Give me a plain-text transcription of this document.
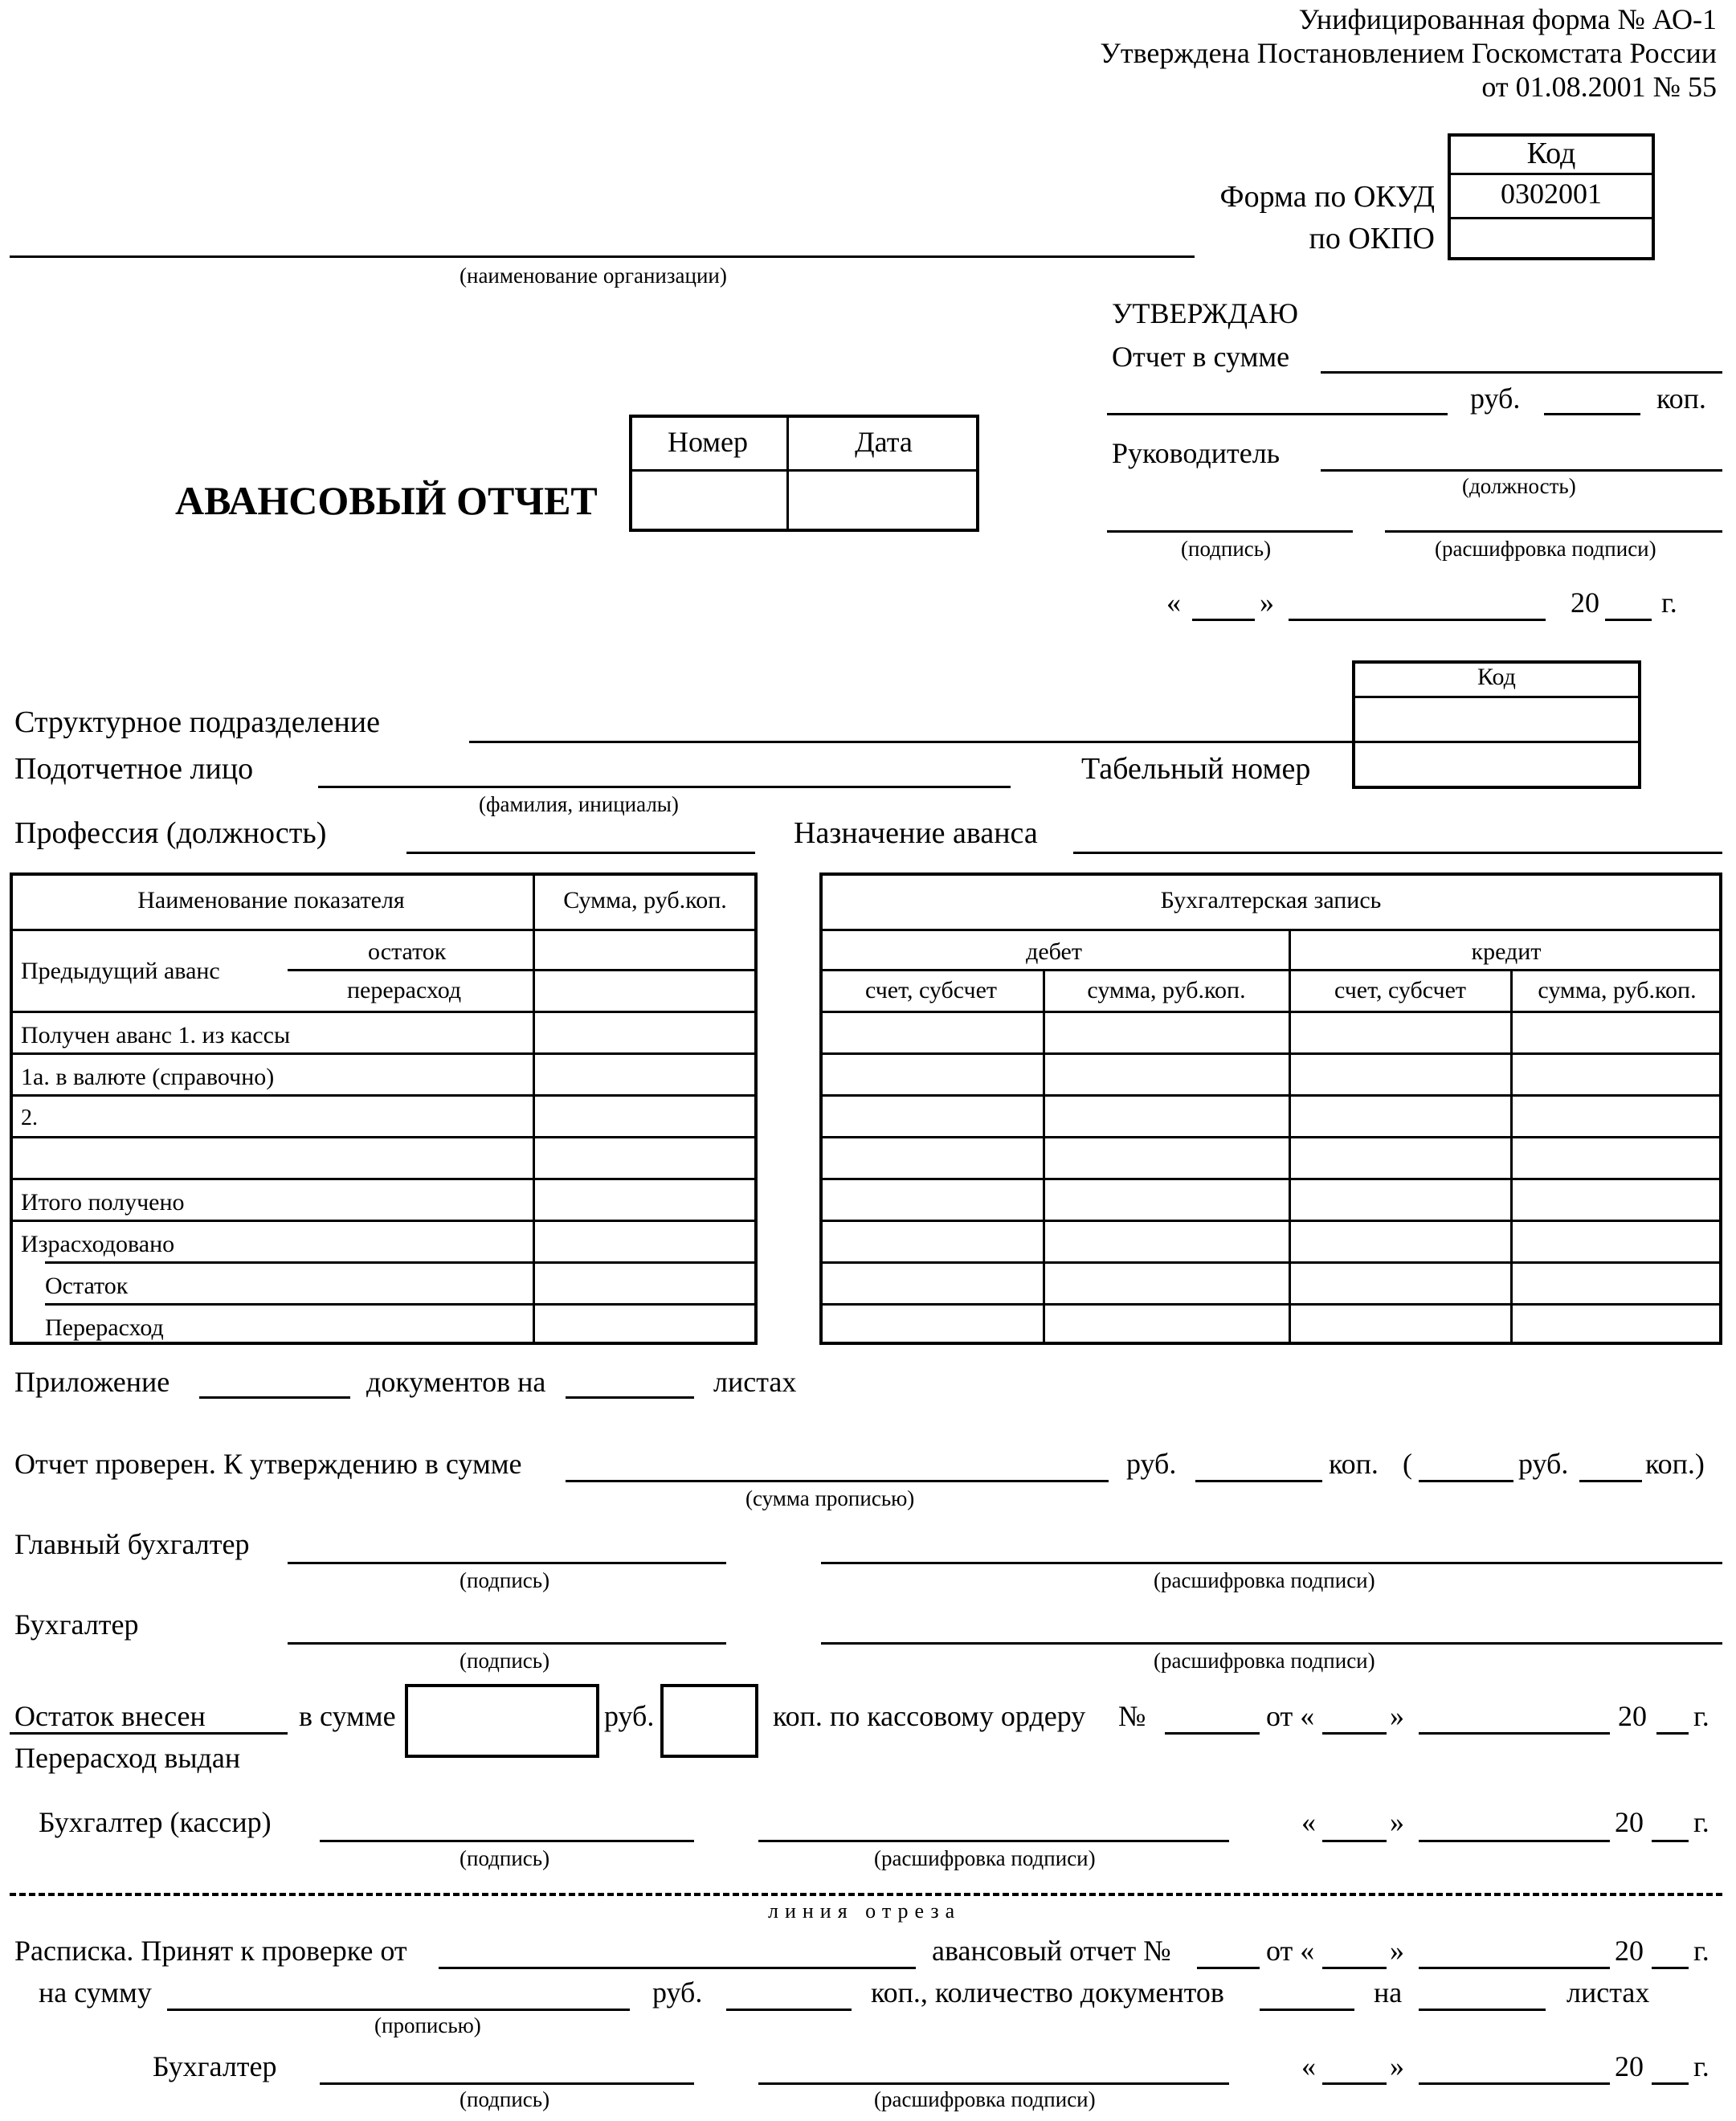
Унифицированная форма № АО-1
Утверждена Постановлением Госкомстата России
от 01.08.2001 № 55
Код
0302001
Форма по ОКУД
по ОКПО
(наименование организации)
УТВЕРЖДАЮ
Отчет в сумме
руб.	коп.
Руководитель
(должность)
(подпись)	(расшифровка подписи)
«	»	20 г.
АВАНСОВЫЙ ОТЧЕТ
Номер	Дата
Код
Структурное подразделение
Подотчетное лицо	Табельный номер
(фамилия, инициалы)
Профессия (должность)	Назначение аванса
Наименование показателя	Сумма, руб.коп.
Предыдущий аванс
остаток
перерасход
Получен аванс 1. из кассы
1а. в валюте (справочно)
2.
Итого получено
Израсходовано
Остаток
Перерасход
Бухгалтерская запись
дебет	кредит
счет, субсчет	сумма, руб.коп.	счет, субсчет	сумма, руб.коп.
Приложение	документов на	листах
Отчет проверен. К утверждению в сумме	руб.	коп. (	руб.	коп.)
(сумма прописью)
Главный бухгалтер
(подпись)	(расшифровка подписи)
Бухгалтер
(подпись)	(расшифровка подписи)
Остаток внесен	в сумме	руб.	коп. по кассовому ордеру №	от «	»	20 г.
Перерасход выдан
Бухгалтер (кассир)
(подпись)	(расшифровка подписи)
«	»	20 г.
линия отреза
Расписка. Принят к проверке от	авансовый отчет №	от «	»	20 г.
на сумму	руб.	коп., количество документов	на	листах
(прописью)
Бухгалтер
(подпись)	(расшифровка подписи)
«	»	20 г.
